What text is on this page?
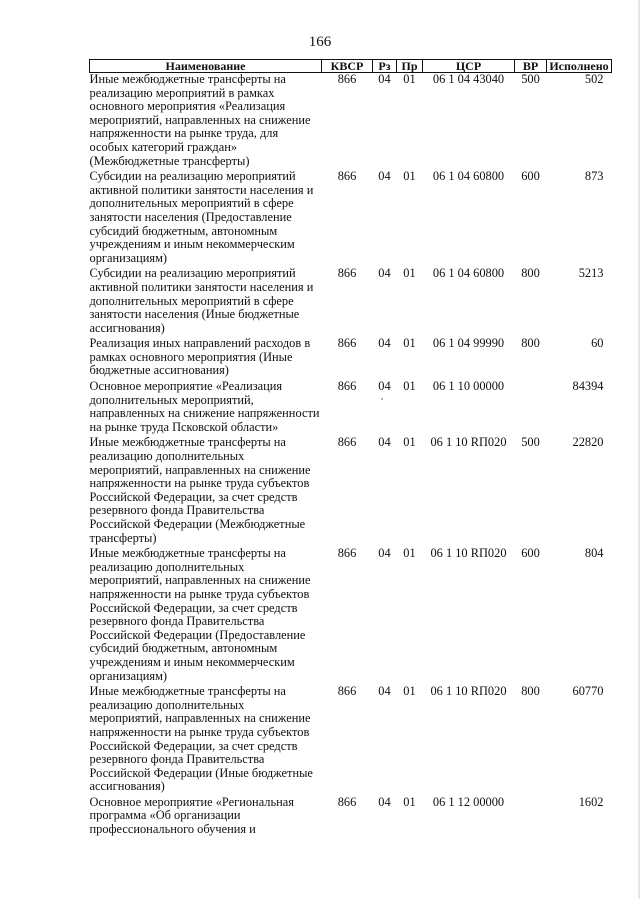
166
Наименование	КВСР	Рз	Пр	ЦСР	ВР	Исполнено
Иные межбюджетные трансферты на реализацию мероприятий в рамках основного мероприятия «Реализация мероприятий, направленных на снижение напряженности на рынке труда, для особых категорий граждан» (Межбюджетные трансферты)	866	04	01	06 1 04 43040	500	502
Субсидии на реализацию мероприятий активной политики занятости населения и дополнительных мероприятий в сфере занятости населения (Предоставление субсидий бюджетным, автономным учреждениям и иным некоммерческим организациям)	866	04	01	06 1 04 60800	600	873
Субсидии на реализацию мероприятий активной политики занятости населения и дополнительных мероприятий в сфере занятости населения (Иные бюджетные ассигнования)	866	04	01	06 1 04 60800	800	5213
Реализация иных направлений расходов в рамках основного мероприятия (Иные бюджетные ассигнования)	866	04	01	06 1 04 99990	800	60
Основное мероприятие «Реализация дополнительных мероприятий, направленных на снижение напряженности на рынке труда Псковской области»	866	04	01	06 1 10 00000		84394
Иные межбюджетные трансферты на реализацию дополнительных мероприятий, направленных на снижение напряженности на рынке труда субъектов Российской Федерации, за счет средств резервного фонда Правительства Российской Федерации (Межбюджетные трансферты)	866	04	01	06 1 10 RП020	500	22820
Иные межбюджетные трансферты на реализацию дополнительных мероприятий, направленных на снижение напряженности на рынке труда субъектов Российской Федерации, за счет средств резервного фонда Правительства Российской Федерации (Предоставление субсидий бюджетным, автономным учреждениям и иным некоммерческим организациям)	866	04	01	06 1 10 RП020	600	804
Иные межбюджетные трансферты на реализацию дополнительных мероприятий, направленных на снижение напряженности на рынке труда субъектов Российской Федерации, за счет средств резервного фонда Правительства Российской Федерации (Иные бюджетные ассигнования)	866	04	01	06 1 10 RП020	800	60770
Основное мероприятие «Региональная программа «Об организации профессионального обучения и	866	04	01	06 1 12 00000		1602
